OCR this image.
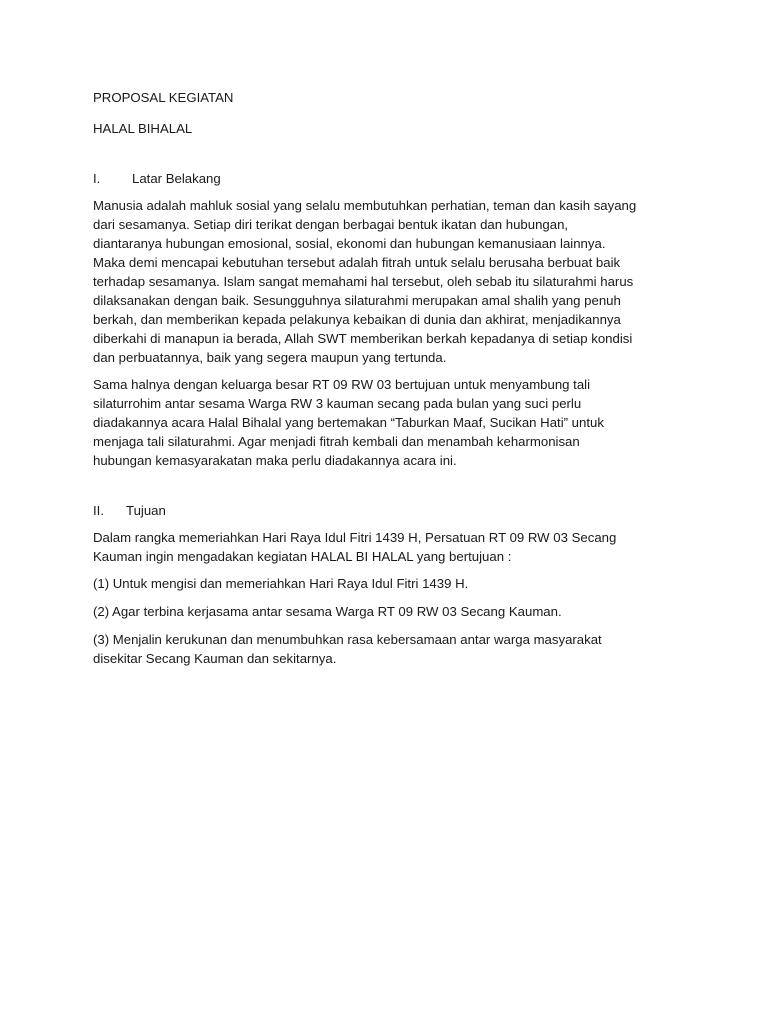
PROPOSAL KEGIATAN

HALAL BIHALAL

I.	Latar Belakang
Manusia adalah mahluk sosial yang selalu membutuhkan perhatian, teman dan kasih sayang
dari sesamanya. Setiap diri terikat dengan berbagai bentuk ikatan dan hubungan,
diantaranya hubungan emosional, sosial, ekonomi dan hubungan kemanusiaan lainnya.
Maka demi mencapai kebutuhan tersebut adalah fitrah untuk selalu berusaha berbuat baik
terhadap sesamanya. Islam sangat memahami hal tersebut, oleh sebab itu silaturahmi harus
dilaksanakan dengan baik. Sesungguhnya silaturahmi merupakan amal shalih yang penuh
berkah, dan memberikan kepada pelakunya kebaikan di dunia dan akhirat, menjadikannya
diberkahi di manapun ia berada, Allah SWT memberikan berkah kepadanya di setiap kondisi
dan perbuatannya, baik yang segera maupun yang tertunda.
Sama halnya dengan keluarga besar RT 09 RW 03 bertujuan untuk menyambung tali
silaturrohim antar sesama Warga RW 3 kauman secang pada bulan yang suci perlu
diadakannya acara Halal Bihalal yang bertemakan “Taburkan Maaf, Sucikan Hati” untuk
menjaga tali silaturahmi. Agar menjadi fitrah kembali dan menambah keharmonisan
hubungan kemasyarakatan maka perlu diadakannya acara ini.
II.	Tujuan
Dalam rangka memeriahkan Hari Raya Idul Fitri 1439 H, Persatuan RT 09 RW 03 Secang
Kauman ingin mengadakan kegiatan HALAL BI HALAL yang bertujuan :
(1) Untuk mengisi dan memeriahkan Hari Raya Idul Fitri 1439 H.
(2) Agar terbina kerjasama antar sesama Warga RT 09 RW 03 Secang Kauman.
(3) Menjalin kerukunan dan menumbuhkan rasa kebersamaan antar warga masyarakat
disekitar Secang Kauman dan sekitarnya.
